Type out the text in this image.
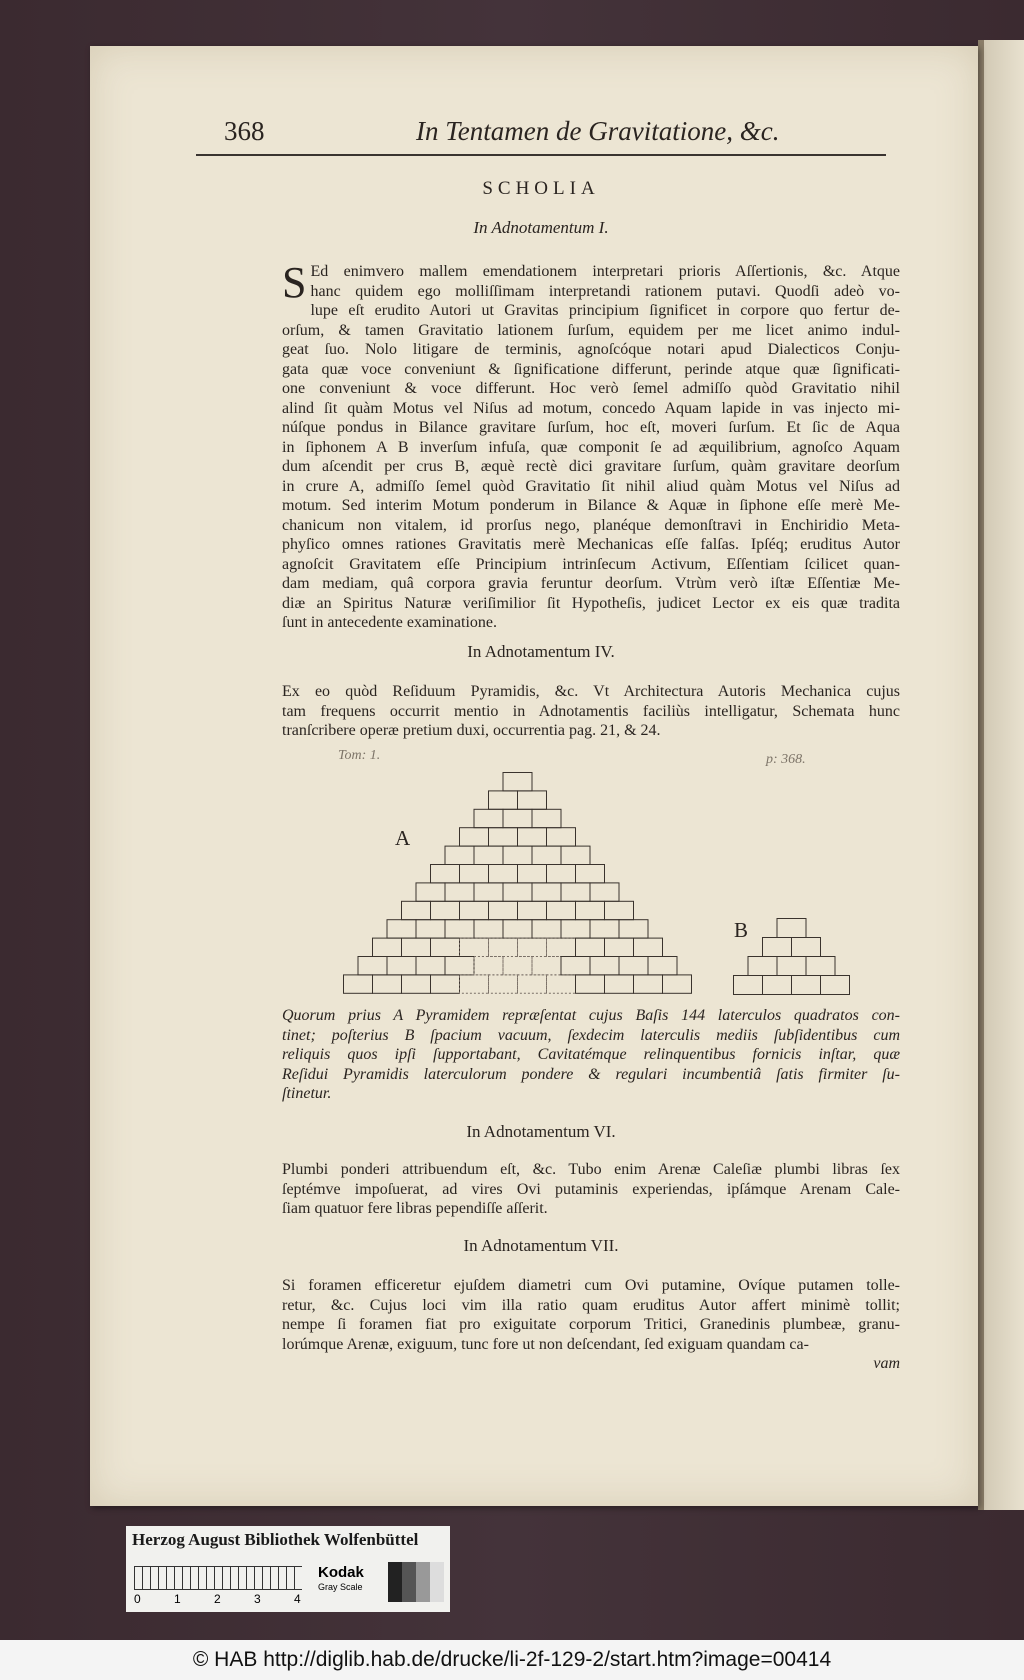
368	In Tentamen de Gravitatione, &c.
SCHOLIA
In Adnotamentum I.
S Ed enimvero mallem emendationem interpretari prioris Aſſertionis, &c. Atque
hanc quidem ego molliſſimam interpretandi rationem putavi. Quodſi adeò vo-
lupe eſt erudito Autori ut Gravitas principium ſignificet in corpore quo fertur de-
orſum, & tamen Gravitatio lationem ſurſum, equidem per me licet animo indul-
geat ſuo. Nolo litigare de terminis, agnoſcóque notari apud Dialecticos Conju-
gata quæ voce conveniunt & ſignificatione differunt, perinde atque quæ ſignificati-
one conveniunt & voce differunt. Hoc verò ſemel admiſſo quòd Gravitatio nihil
alind ſit quàm Motus vel Niſus ad motum, concedo Aquam lapide in vas injecto mi-
núſque pondus in Bilance gravitare ſurſum, hoc eſt, moveri ſurſum. Et ſic de Aqua
in ſiphonem A B inverſum infuſa, quæ componit ſe ad æquilibrium, agnoſco Aquam
dum aſcendit per crus B, æquè rectè dici gravitare ſurſum, quàm gravitare deorſum
in crure A, admiſſo ſemel quòd Gravitatio ſit nihil aliud quàm Motus vel Niſus ad
motum. Sed interim Motum ponderum in Bilance & Aquæ in ſiphone eſſe merè Me-
chanicum non vitalem, id prorſus nego, planéque demonſtravi in Enchiridio Meta-
phyſico omnes rationes Gravitatis merè Mechanicas eſſe falſas. Ipſéq; eruditus Autor
agnoſcit Gravitatem eſſe Principium intrinſecum Activum, Eſſentiam ſcilicet quan-
dam mediam, quâ corpora gravia feruntur deorſum. Vtrùm verò iſtæ Eſſentiæ Me-
diæ an Spiritus Naturæ veriſimilior ſit Hypotheſis, judicet Lector ex eis quæ tradita
ſunt in antecedente examinatione.
In Adnotamentum IV.
Ex eo quòd Reſiduum Pyramidis, &c. Vt Architectura Autoris Mechanica cujus
tam frequens occurrit mentio in Adnotamentis faciliùs intelligatur, Schemata hunc
tranſcribere operæ pretium duxi, occurrentia pag. 21, & 24.
Tom: 1.	p: 368.
A
B
Quorum prius A Pyramidem repræſentat cujus Baſis 144 laterculos quadratos con-
tinet; poſterius B ſpacium vacuum, ſexdecim laterculis mediis ſubſidentibus cum
reliquis quos ipſi ſupportabant, Cavitatémque relinquentibus fornicis inſtar, quæ
Reſidui Pyramidis laterculorum pondere & regulari incumbentiâ ſatis firmiter ſu-
ſtinetur.
In Adnotamentum VI.
Plumbi ponderi attribuendum eſt, &c. Tubo enim Arenæ Caleſiæ plumbi libras ſex
ſeptémve impoſuerat, ad vires Ovi putaminis experiendas, ipſámque Arenam Cale-
ſiam quatuor fere libras pependiſſe aſſerit.
In Adnotamentum VII.
Si foramen efficeretur ejuſdem diametri cum Ovi putamine, Ovíque putamen tolle-
retur, &c. Cujus loci vim illa ratio quam eruditus Autor affert minimè tollit;
nempe ſi foramen fiat pro exiguitate corporum Tritici, Granedinis plumbeæ, granu-
lorúmque Arenæ, exiguum, tunc fore ut non deſcendant, ſed exiguam quandam ca-
vam
Herzog August Bibliothek Wolfenbüttel
0	1	2	3	4
Kodak
Gray Scale
© HAB http://diglib.hab.de/drucke/li-2f-129-2/start.htm?image=00414
